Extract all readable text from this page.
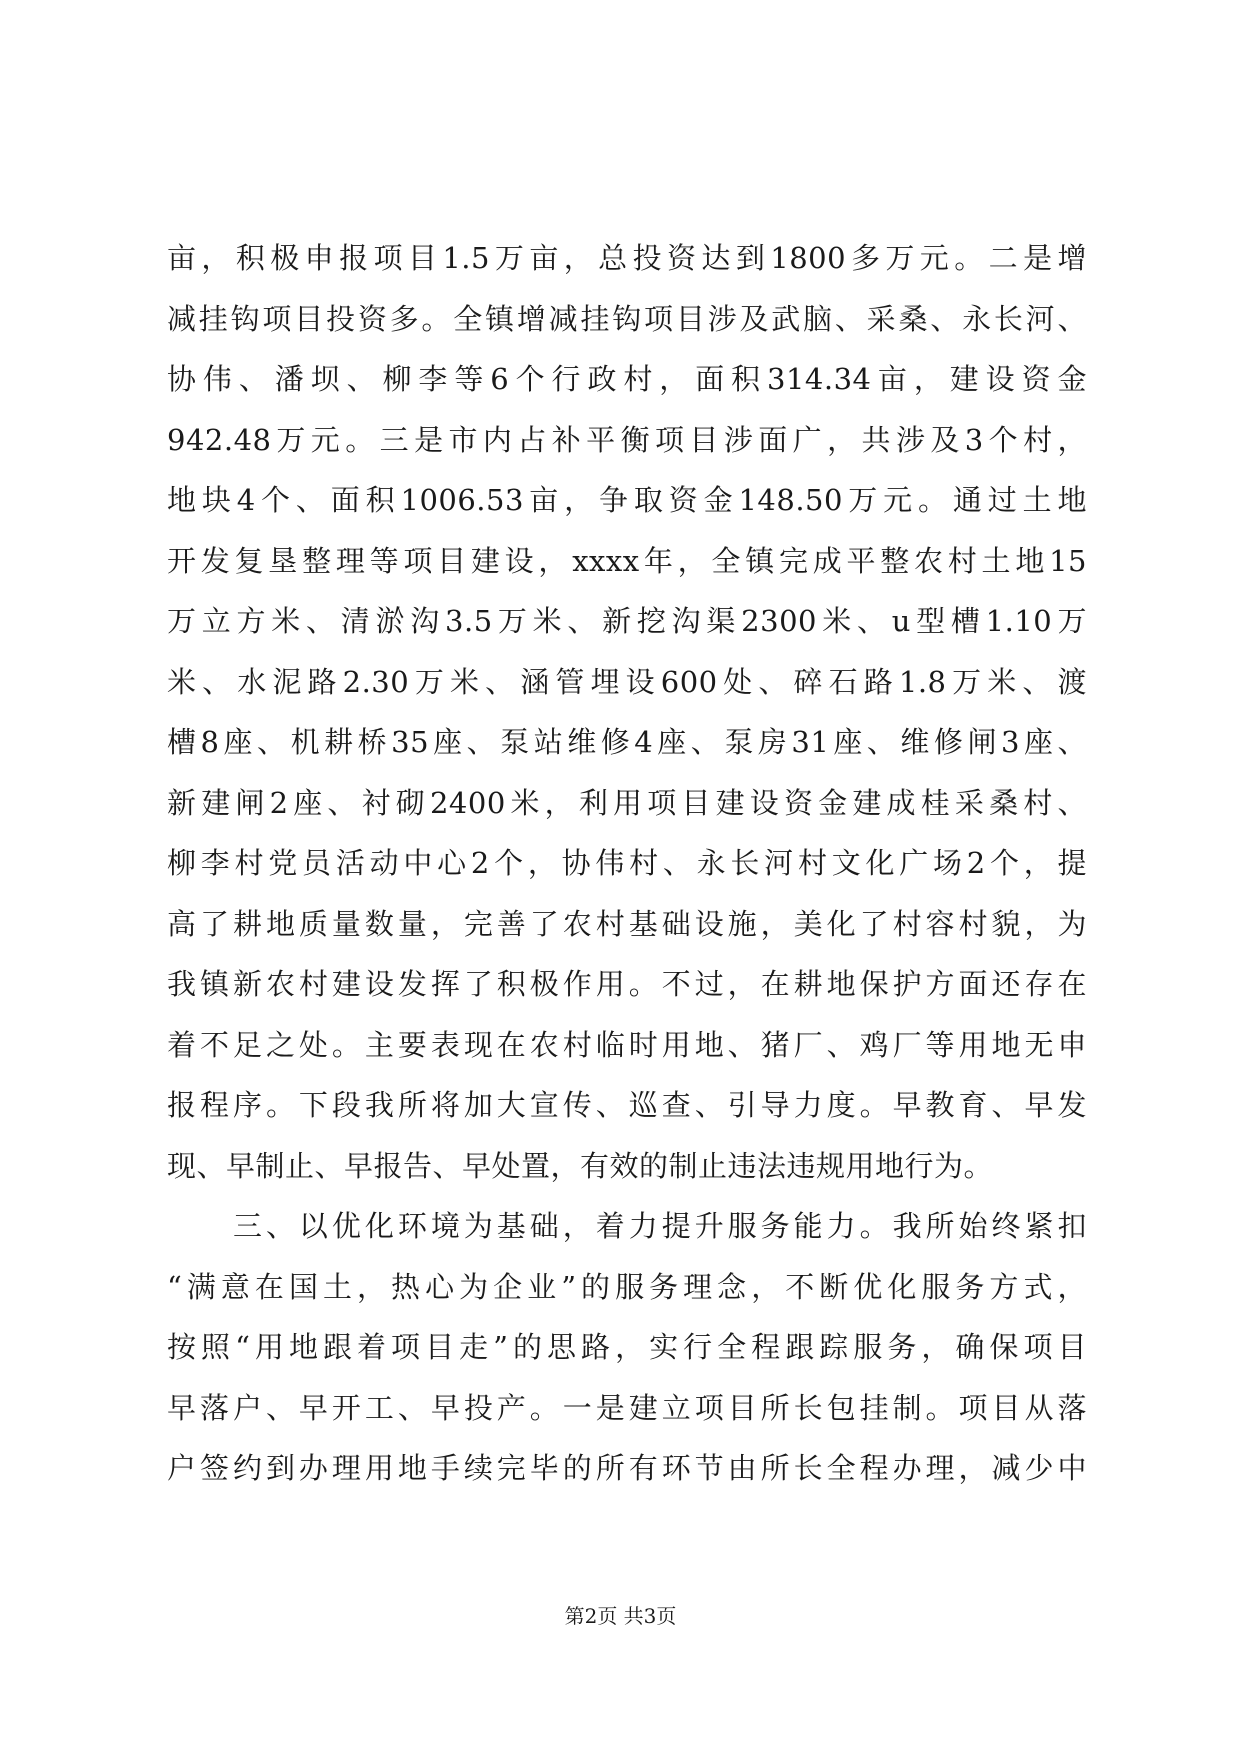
亩，积极申报项目1.5万亩，总投资达到1800多万元。二是增
减挂钩项目投资多。全镇增减挂钩项目涉及武脑、采桑、永长河、
协伟、潘坝、柳李等6个行政村，面积314.34亩，建设资金
942.48万元。三是市内占补平衡项目涉面广，共涉及3个村，
地块4个、面积1006.53亩，争取资金148.50万元。通过土地
开发复垦整理等项目建设，xxxx年，全镇完成平整农村土地15
万立方米、清淤沟3.5万米、新挖沟渠2300米、u型槽1.10万
米、水泥路2.30万米、涵管埋设600处、碎石路1.8万米、渡
槽8座、机耕桥35座、泵站维修4座、泵房31座、维修闸3座、
新建闸2座、衬砌2400米，利用项目建设资金建成桂采桑村、
柳李村党员活动中心2个，协伟村、永长河村文化广场2个，提
高了耕地质量数量，完善了农村基础设施，美化了村容村貌，为
我镇新农村建设发挥了积极作用。不过，在耕地保护方面还存在
着不足之处。主要表现在农村临时用地、猪厂、鸡厂等用地无申
报程序。下段我所将加大宣传、巡查、引导力度。早教育、早发
现、早制止、早报告、早处置，有效的制止违法违规用地行为。
　　三、以优化环境为基础，着力提升服务能力。我所始终紧扣
“满意在国土，热心为企业”的服务理念，不断优化服务方式，
按照“用地跟着项目走”的思路，实行全程跟踪服务，确保项目
早落户、早开工、早投产。一是建立项目所长包挂制。项目从落
户签约到办理用地手续完毕的所有环节由所长全程办理，减少中
第2页 共3页
